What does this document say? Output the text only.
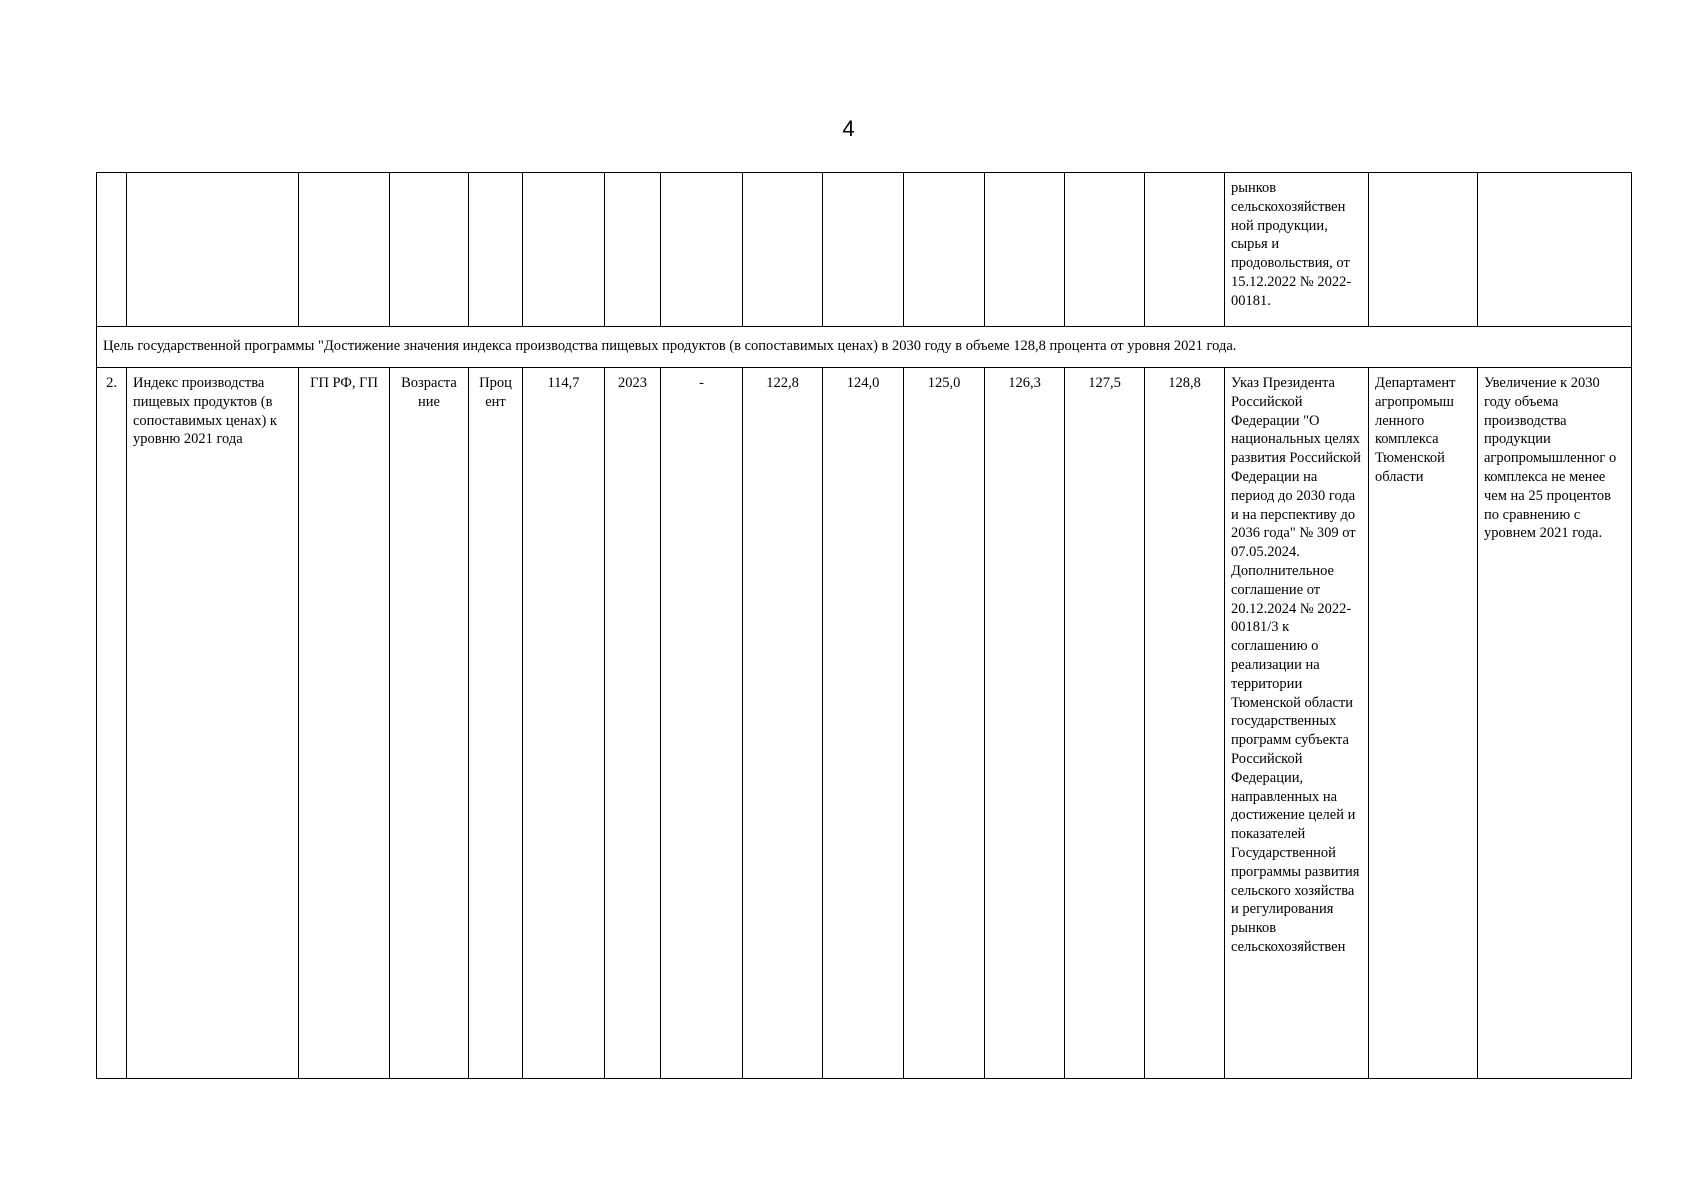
4
														рынков сельскохозяйствен ной продукции, сырья и продовольствия, от 15.12.2022 № 2022-00181.		
Цель государственной программы "Достижение значения индекса производства пищевых продуктов (в сопоставимых ценах) в 2030 году в объеме 128,8 процента от уровня 2021 года.																
2.	Индекс производства пищевых продуктов (в сопоставимых ценах) к уровню 2021 года	ГП РФ, ГП	Возраста ние	Проц ент	114,7	2023	-	122,8	124,0	125,0	126,3	127,5	128,8	Указ Президента Российской Федерации "О национальных целях развития Российской Федерации на период до 2030 года и на перспективу до 2036 года" № 309 от 07.05.2024. Дополнительное соглашение от 20.12.2024 № 2022-00181/3 к соглашению о реализации на территории Тюменской области государственных программ субъекта Российской Федерации, направленных на достижение целей и показателей Государственной программы развития сельского хозяйства и регулирования рынков сельскохозяйствен	Департамент агропромыш ленного комплекса Тюменской области	Увеличение к 2030 году объема производства продукции агропромышленног о комплекса не менее чем на 25 процентов по сравнению с уровнем 2021 года.
